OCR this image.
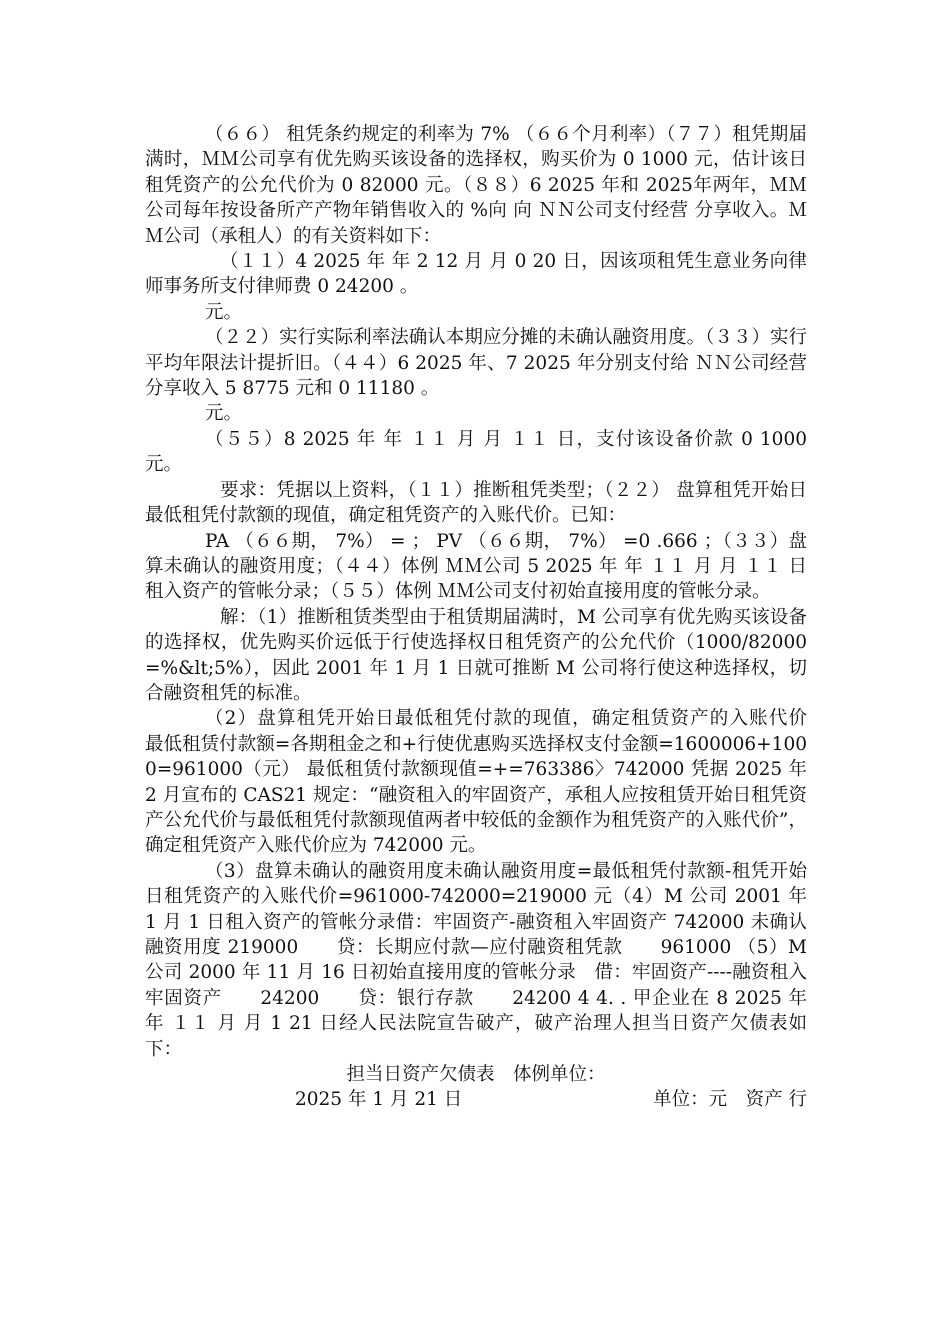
（６６） 租凭条约规定的利率为 7% （６６个月利率）（７７）租凭期届满时，ＭＭ公司享有优先购买该设备的选择权，购买价为 0 1000 元，估计该日租凭资产的公允代价为 0 82000 元。（８８）6 2025 年和 2025年两年，ＭＭ公司每年按设备所产产物年销售收入的 %向 向 ＮＮ公司支付经营 分享收入。ＭＭ公司（承租人）的有关资料如下：

（１１）4 2025 年 年 2 12 月 月 0 20 日，因该项租凭生意业务向律师事务所支付律师费 0 24200 。

元。

（２２）实行实际利率法确认本期应分摊的未确认融资用度。（３３）实行平均年限法计提折旧。（４４）6 2025 年、7 2025 年分别支付给 ＮＮ公司经营分享收入 5 8775 元和 0 11180 。

元。

（５５）8 2025 年 年 １１ 月 月 １１ 日，支付该设备价款 0 1000 元。

要求：凭据以上资料，（１１）推断租凭类型；（２２） 盘算租凭开始日最低租凭付款额的现值，确定租凭资产的入账代价。已知：

PA （６６期， 7%） = ； PV （６６期， 7%） =0 .666 ；（３３）盘算未确认的融资用度；（４４）体例 ＭＭ公司 5 2025 年 年 １１ 月 月 １１ 日租入资产的管帐分录；（５５）体例 ＭＭ公司支付初始直接用度的管帐分录。

解：（1）推断租赁类型由于租赁期届满时，M 公司享有优先购买该设备的选择权，优先购买价远低于行使选择权日租凭资产的公允代价（1000/82000=%&lt;5%），因此 2001 年 1 月 1 日就可推断 M 公司将行使这种选择权，切合融资租凭的标准。

（2）盘算租凭开始日最低租凭付款的现值，确定租赁资产的入账代价　　最低租赁付款额=各期租金之和+行使优惠购买选择权支付金额=1600006+1000=961000（元） 最低租赁付款额现值=+=763386〉742000 凭据 2025 年 2 月宣布的 CAS21 规定：“融资租入的牢固资产，承租人应按租赁开始日租凭资产公允代价与最低租凭付款额现值两者中较低的金额作为租凭资产的入账代价”，确定租凭资产入账代价应为 742000 元。

（3）盘算未确认的融资用度未确认融资用度=最低租凭付款额-租凭开始日租凭资产的入账代价=961000-742000=219000 元（4）M 公司 2001 年 1 月 1 日租入资产的管帐分录借：牢固资产-融资租入牢固资产 742000 未确认融资用度 219000　　贷：长期应付款—应付融资租凭款　　961000 （5）M 公司 2000 年 11 月 16 日初始直接用度的管帐分录　借：牢固资产----融资租入牢固资产　　24200　　贷：银行存款　　24200 4 4. . 甲企业在 8 2025 年 年 １１ 月 月 1 21 日经人民法院宣告破产，破产治理人担当日资产欠债表如下：

担当日资产欠债表　体例单位：

2025 年 1 月 21 日	单位：元　资产 行
